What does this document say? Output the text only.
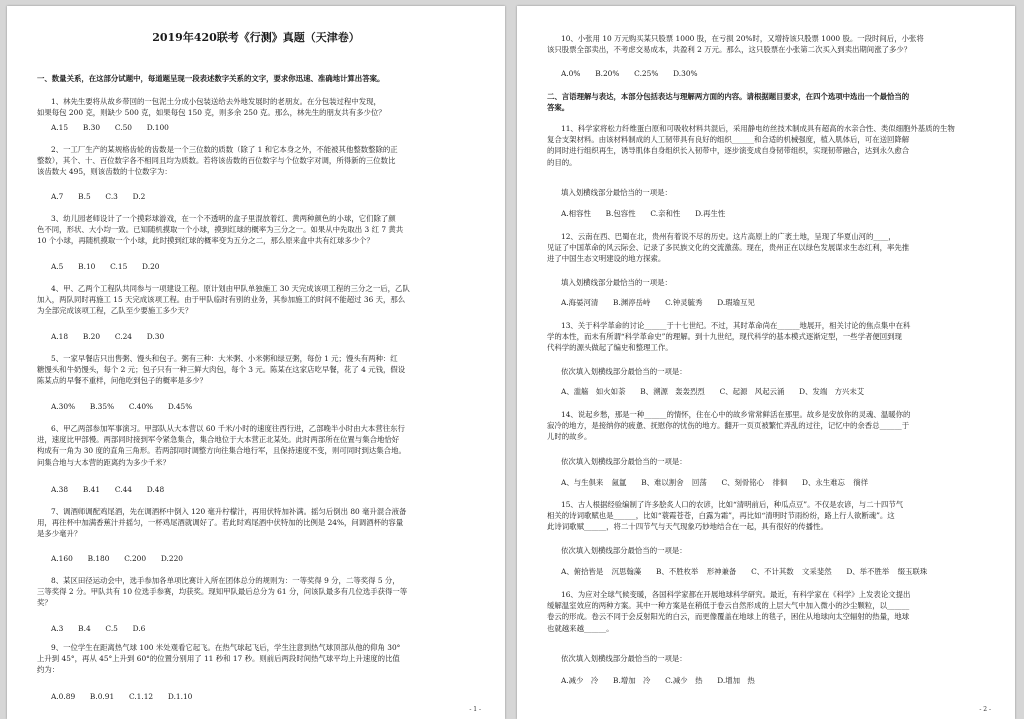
2019年420联考《行测》真题（天津卷）
一、数量关系，在这部分试题中，每道题呈现一段表述数字关系的文字，要求你迅速、准确地计算出答案。
1、林先生要将从故乡带回的一包泥土分成小包装送给去外地发展时的老朋友。在分包装过程中发现，
如果每包 200 克，则缺少 500 克，如果每包 150 克，则多余 250 克。那么，林先生的朋友共有多少位？
A.15　　B.30　　C.50　　D.100
2、一工厂生产的某规格齿轮的齿数是一个三位数的质数（除了 1 和它本身之外，不能被其他整数整除的正
整数），其个、十、百位数字各不相同且均为质数。若将该齿数的百位数字与个位数字对调，所得新的三位数比
该齿数大 495，则该齿数的十位数字为：
A.7　　B.5　　C.3　　D.2
3、幼儿园老师设计了一个摸彩球游戏，在一个不透明的盒子里混放着红、黄两种颜色的小球，它们除了颜
色不同，形状、大小均一致。已知随机摸取一个小球，摸到红球的概率为三分之一。如果从中先取出 3 红 7 黄共
10 个小球，再随机摸取一个小球，此时摸到红球的概率变为五分之二，那么原来盒中共有红球多少个？
A.5　　B.10　　C.15　　D.20
4、甲、乙两个工程队共同参与一项建设工程。原计划由甲队单独施工 30 天完成该项工程的三分之一后，乙队
加入，两队同时再施工 15 天完成该项工程。由于甲队临时有别的业务，其参加施工的时间不能超过 36 天，那么
为全部完成该项工程，乙队至少要施工多少天？
A.18　　B.20　　C.24　　D.30
5、一家早餐店只出售粥、馒头和包子。粥有三种：大米粥、小米粥和绿豆粥，每份 1 元；馒头有两种：红
糖馒头和牛奶馒头，每个 2 元；包子只有一种三鲜大肉包，每个 3 元。陈某在这家店吃早餐，花了 4 元钱，假设
陈某点的早餐不重样，问他吃到包子的概率是多少？
A.30%　　B.35%　　C.40%　　D.45%
6、甲乙两部参加军事演习。甲部队从大本营以 60 千米/小时的速度往西行进，乙部晚半小时由大本营往东行
进，速度比甲部慢。两部同时接到军令紧急集合，集合地位于大本营正北某处。此时两部所在位置与集合地恰好
构成有一角为 30 度的直角三角形。若两部同时调整方向往集合地行军，且保持速度不变，则可同时到达集合地。
问集合地与大本营的距离约为多少千米？
A.38　　B.41　　C.44　　D.48
7、调酒师调配鸡尾酒，先在调酒杯中倒入 120 毫升柠檬汁，再用伏特加补满。摇匀后倒出 80 毫升混合液备
用，再往杯中加满香蕉汁并摇匀，一杯鸡尾酒就调好了。若此时鸡尾酒中伏特加的比例是 24%，问调酒杯的容量
是多少毫升？
A.160　　B.180　　C.200　　D.220
8、某区田径运动会中，选手参加各单项比赛计入所在团体总分的规则为：一等奖得 9 分，二等奖得 5 分，
三等奖得 2 分。甲队共有 10 位选手参赛，均获奖。现知甲队最后总分为 61 分，问该队最多有几位选手获得一等
奖？
A.3　　B.4　　C.5　　D.6
9、一位学生在距离热气球 100 米处观看它起飞。在热气球起飞后，学生注意到热气球顶部从他的仰角 30°
上升到 45°，再从 45°上升到 60°的位置分别用了 11 秒和 17 秒。则前后两段时间热气球平均上升速度的比值
约为：
A.0.89　　B.0.91　　C.1.12　　D.1.10
- 1 -
10、小张用 10 万元购买某只股票 1000 股，在亏损 20%时，又增持该只股票 1000 股。一段时间后，小张将
该只股票全部卖出，不考虑交易成本，共盈利 2 万元。那么，这只股票在小张第二次买入到卖出期间涨了多少？
A.0%　　B.20%　　C.25%　　D.30%
二、言语理解与表达，本部分包括表达与理解两方面的内容。请根据题目要求，在四个选项中选出一个最恰当的
答案。
11、科学家将松力纤维蛋白原和可吸收材料共混后，采用静电纺丝技术制成具有超高的水亲合性、类似细胞外基质的生物
复合支架材料。由该材料制成的人工韧带具有良好的组织______和合适的机械强度，植入肌体后，可在送回降解
的同时进行组织再生，诱导肌体自身组织长入韧带中，逐步演变成自身韧带组织，实现韧带融合，达到永久愈合
的目的。
填入划横线部分最恰当的一项是：
A.相容性　　B.包容性　　C.亲和性　　D.再生性
12、云南在西、巴蜀在北，贵州有着说不尽的历史。这片高原上的广袤土地，呈现了华夏山河的____，
见证了中国革命的风云际会、记录了多民族文化的交流激荡。现在，贵州正在以绿色发展谋求生态红利，率先推
进了中国生态文明建设的地方探索。
填入划横线部分最恰当的一项是：
A.海晏河清　　B.渊渟岳峙　　C.钟灵毓秀　　D.瑕瑜互见
13、关于科学革命的讨论______于十七世纪。不过，其时革命尚在______地展开，相关讨论的焦点集中在科
学的本性，而未有所谓“科学革命史”的理解。到十九世纪，现代科学的基本模式逐渐定型，一些学者便回到现
代科学的源头做起了编史和整理工作。
依次填入划横线部分最恰当的一项是：
A、滥觞　如火如荼　　B、溯源　轰轰烈烈　　C、起源　风起云涌　　D、发端　方兴未艾
14、说起乡愁，那是一种______的情怀，住在心中的故乡常常鲜活在那里。故乡是安放你的灵魂、温暖你的
寂冷的地方，是接纳你的疲惫、抚慰你的忧伤的地方。翻开一页页被繁忙弄乱的过往，记忆中的余香总______于
儿时的故乡。
依次填入划横线部分最恰当的一项是：
A、与生俱来 氤氲　　B、难以割舍 回荡　　C、刻骨铭心 徘徊　　D、永生难忘 徜徉
15、古人根据经验编制了许多脍炙人口的农谚，比如“清明前后，种瓜点豆”。不仅是农谚，与二十四节气
相关的诗词歌赋也是______，比如“蓑霞苍苍，白露为霜”，再比如“清明时节雨纷纷，路上行人欲断魂”。这
此诗词歌赋______，将二十四节气与天气现象巧妙地结合在一起，具有很好的传播性。
依次填入划横线部分最恰当的一项是：
A、俯拾皆是 沉思翰藻　　B、不胜枚举 形神兼备　　C、不计其数 文采斐然　　D、举不胜举 缀玉联珠
16、为应对全球气候变暖，各国科学家都在开展地球科学研究。最近，有科学家在《科学》上发表论文提出
缓解温室效应的两种方案。其中一种方案是在稍低于卷云自然形成的上层大气中加入微小的沙尘颗粒，以______
卷云的形成。卷云不同于会反射阳光的白云，而更像覆盖在地球上的毯子，困住从地球向太空辐射的热量，地球
也就越来越______。
依次填入划横线部分最恰当的一项是：
A.减少　冷　　B.增加　冷　　C.减少　热　　D.增加　热
- 2 -
